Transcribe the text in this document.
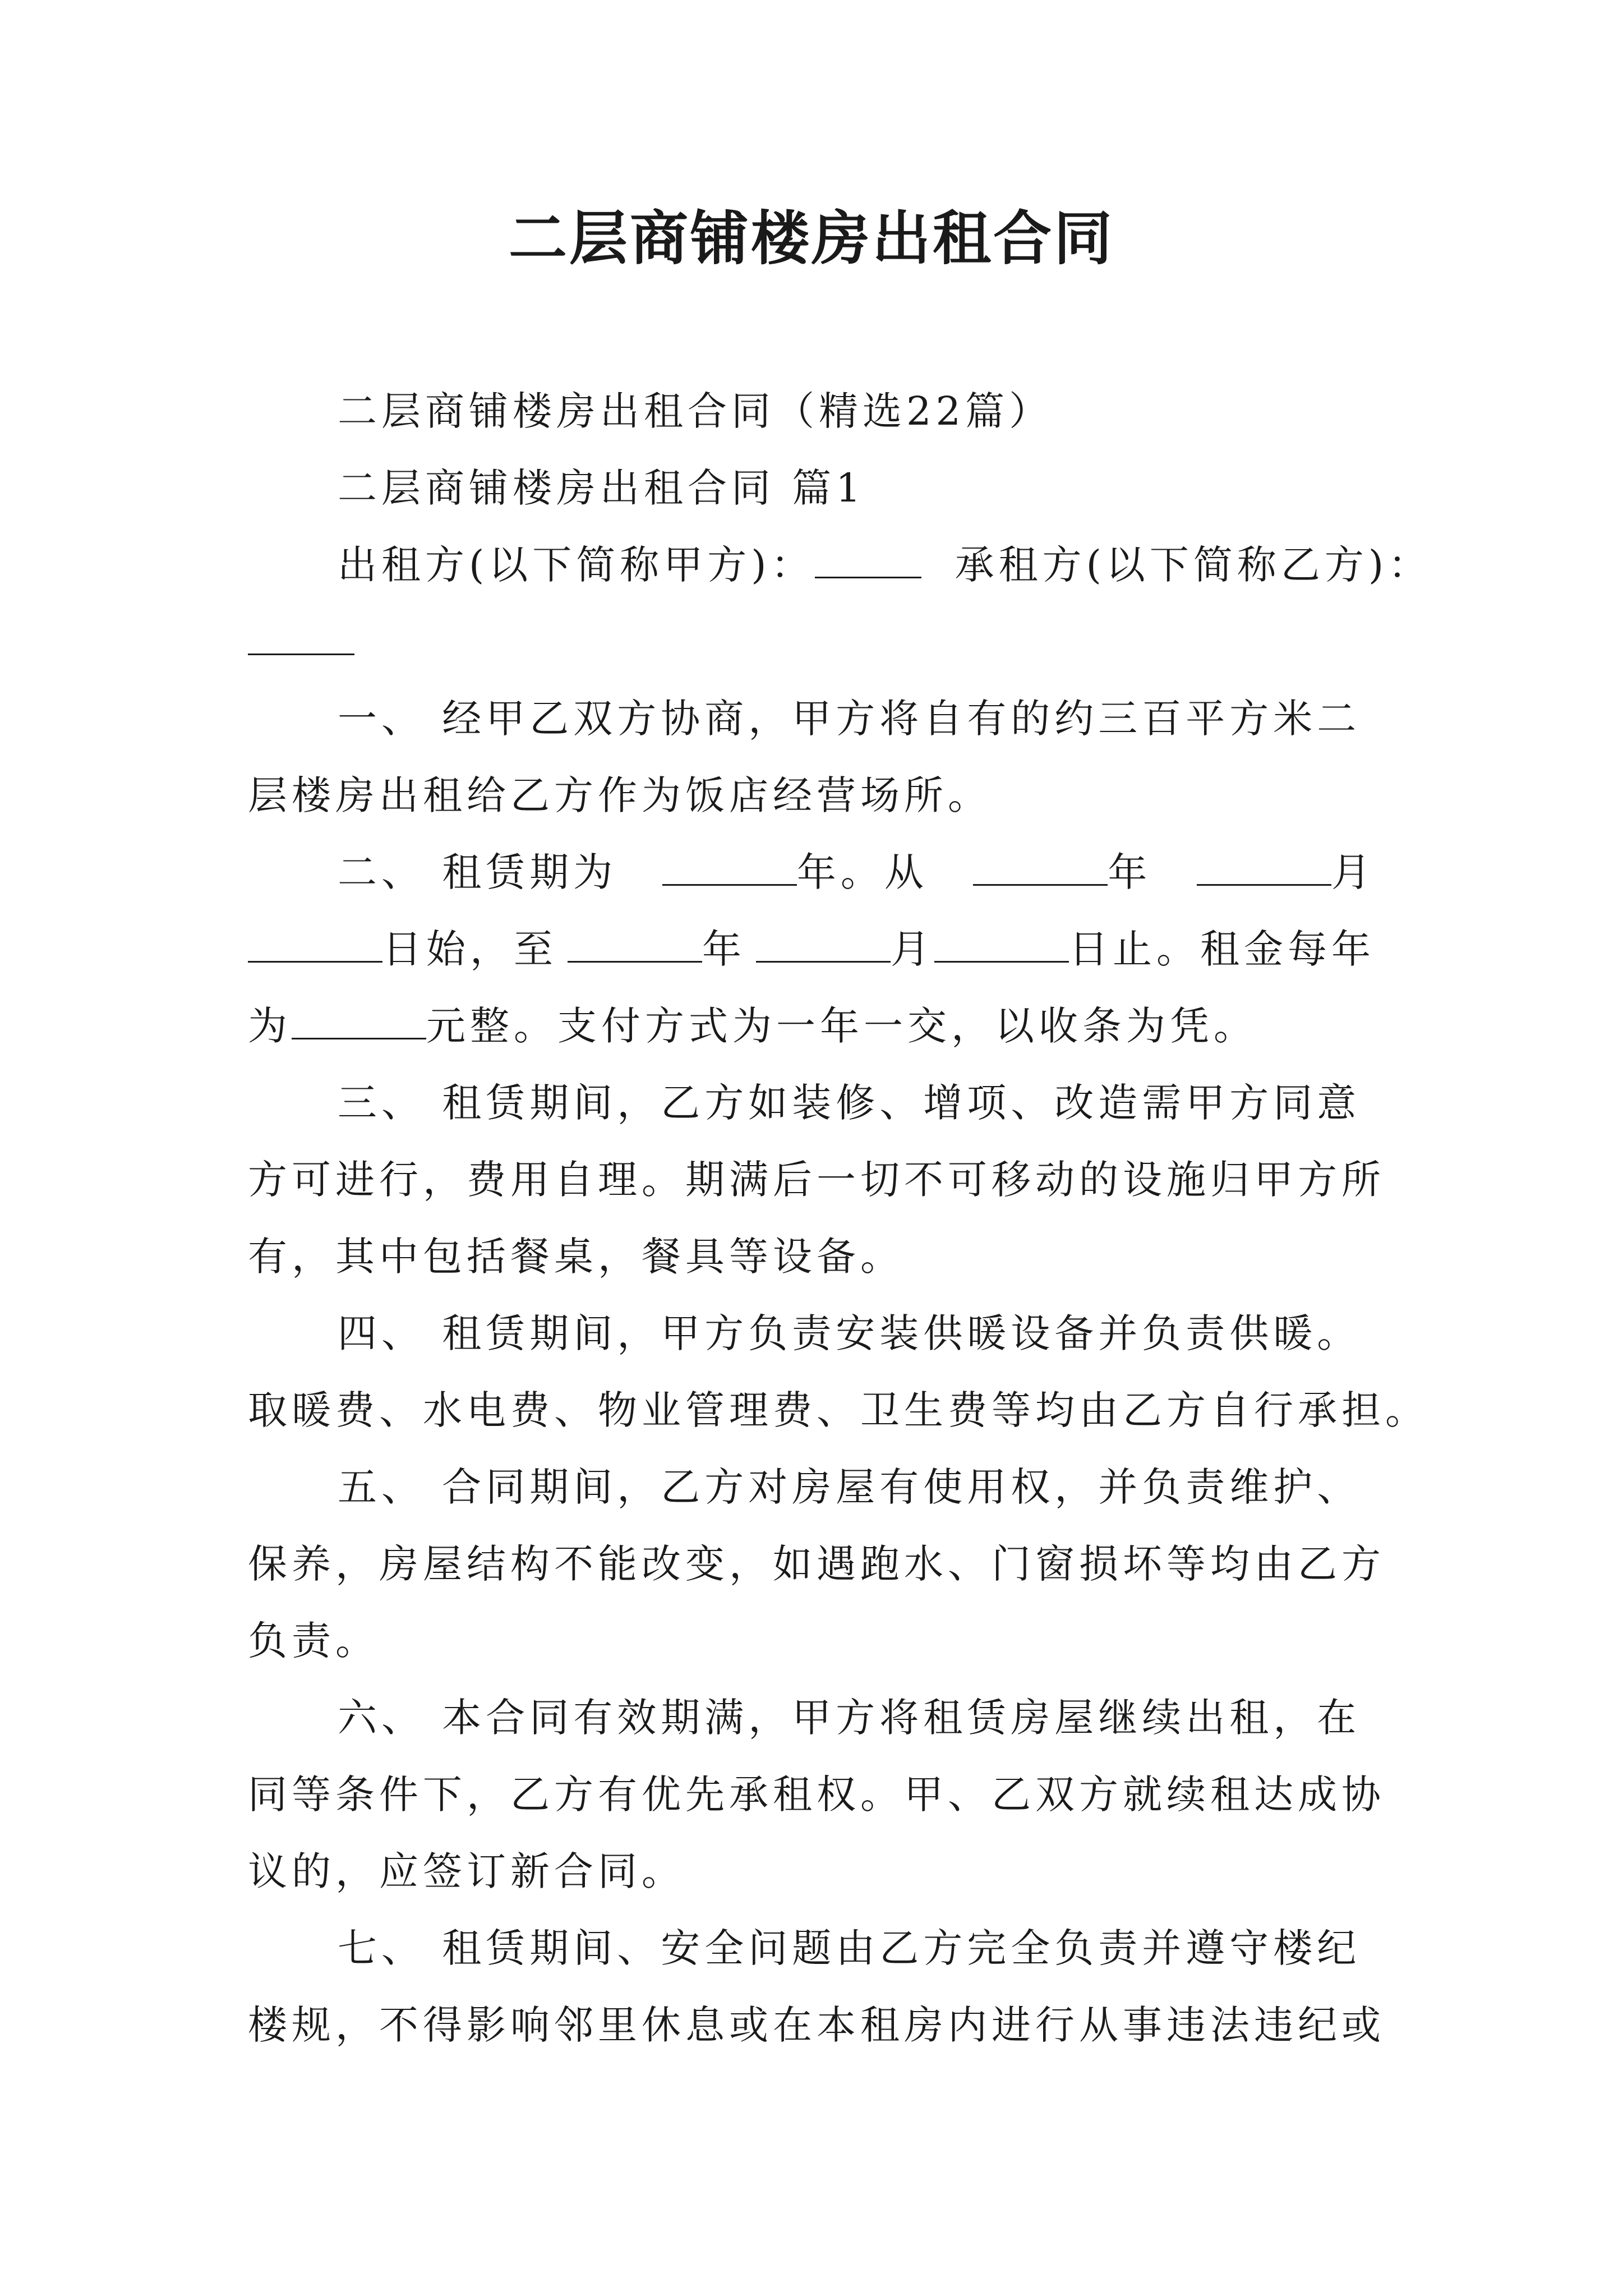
二层商铺楼房出租合同
二层商铺楼房出租合同（精选22篇）
二层商铺楼房出租合同 篇1
出租方(以下简称甲方)：	承租方(以下简称乙方)：
一、 经甲乙双方协商，甲方将自有的约三百平方米二
层楼房出租给乙方作为饭店经营场所。
二、 租赁期为	年。从	年	月
日始，至	年	月	日止。租金每年
为	元整。支付方式为一年一交，以收条为凭。
三、 租赁期间，乙方如装修、增项、改造需甲方同意
方可进行，费用自理。期满后一切不可移动的设施归甲方所
有，其中包括餐桌，餐具等设备。
四、 租赁期间，甲方负责安装供暖设备并负责供暖。
取暖费、水电费、物业管理费、卫生费等均由乙方自行承担。
五、 合同期间，乙方对房屋有使用权，并负责维护、
保养，房屋结构不能改变，如遇跑水、门窗损坏等均由乙方
负责。
六、 本合同有效期满，甲方将租赁房屋继续出租，在
同等条件下，乙方有优先承租权。甲、乙双方就续租达成协
议的，应签订新合同。
七、 租赁期间、安全问题由乙方完全负责并遵守楼纪
楼规，不得影响邻里休息或在本租房内进行从事违法违纪或
